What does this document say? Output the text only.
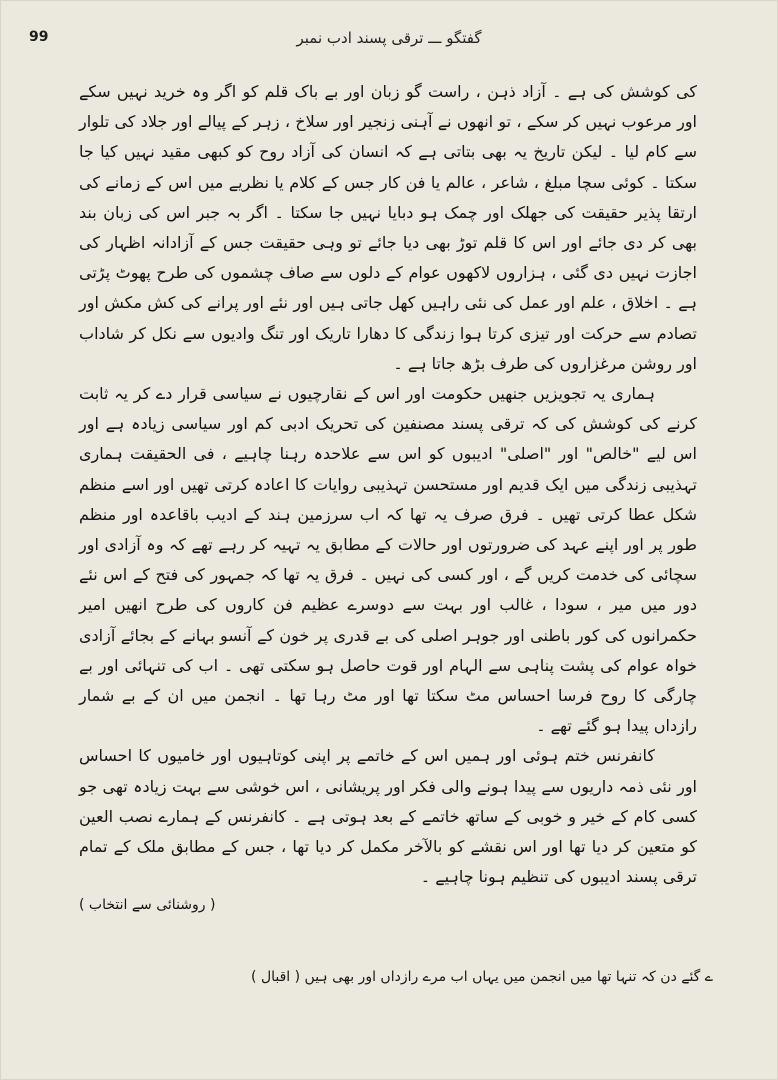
99	گفتگو ـــ ترقی پسند ادب نمبر

کی کوشش کی ہے ۔ آزاد ذہن ، راست گو زبان اور بے باک قلم کو اگر وہ خرید نہیں سکے اور مرعوب نہیں کر سکے ، تو انھوں نے آہنی زنجیر اور سلاخ ، زہر کے پیالے اور جلاد کی تلوار سے کام لیا ۔ لیکن تاریخ یہ بھی بتاتی ہے کہ انسان کی آزاد روح کو کبھی مقید نہیں کیا جا سکتا ۔ کوئی سچا مبلغ ، شاعر ، عالم یا فن کار جس کے کلام یا نظریے میں اس کے زمانے کی ارتقا پذیر حقیقت کی جھلک اور چمک ہو دبایا نہیں جا سکتا ۔ اگر بہ جبر اس کی زبان بند بھی کر دی جائے اور اس کا قلم توڑ بھی دیا جائے تو وہی حقیقت جس کے آزادانہ اظہار کی اجازت نہیں دی گئی ، ہزاروں لاکھوں عوام کے دلوں سے صاف چشموں کی طرح پھوٹ پڑتی ہے ۔ اخلاق ، علم اور عمل کی نئی راہیں کھل جاتی ہیں اور نئے اور پرانے کی کش مکش اور تصادم سے حرکت اور تیزی کرتا ہوا زندگی کا دھارا تاریک اور تنگ وادیوں سے نکل کر شاداب اور روشن مرغزاروں کی طرف بڑھ جاتا ہے ۔

ہماری یہ تجویزیں جنھیں حکومت اور اس کے نقارچیوں نے سیاسی قرار دے کر یہ ثابت کرنے کی کوشش کی کہ ترقی پسند مصنفین کی تحریک ادبی کم اور سیاسی زیادہ ہے اور اس لیے "خالص" اور "اصلی" ادیبوں کو اس سے علاحدہ رہنا چاہیے ، فی الحقیقت ہماری تہذیبی زندگی میں ایک قدیم اور مستحسن تہذیبی روایات کا اعادہ کرتی تھیں اور اسے منظم شکل عطا کرتی تھیں ۔ فرق صرف یہ تھا کہ اب سرزمین ہند کے ادیب باقاعدہ اور منظم طور پر اور اپنے عہد کی ضرورتوں اور حالات کے مطابق یہ تہیہ کر رہے تھے کہ وہ آزادی اور سچائی کی خدمت کریں گے ، اور کسی کی نہیں ۔ فرق یہ تھا کہ جمہور کی فتح کے اس نئے دور میں میر ، سودا ، غالب اور بہت سے دوسرے عظیم فن کاروں کی طرح انھیں امیر حکمرانوں کی کور باطنی اور جوہر اصلی کی بے قدری پر خون کے آنسو بہانے کے بجائے آزادی خواہ عوام کی پشت پناہی سے الہام اور قوت حاصل ہو سکتی تھی ۔ اب کی تنہائی اور بے چارگی کا روح فرسا احساس مٹ سکتا تھا اور مٹ رہا تھا ۔ انجمن میں ان کے بے شمار رازداں پیدا ہو گئے تھے ۔

کانفرنس ختم ہوئی اور ہمیں اس کے خاتمے پر اپنی کوتاہیوں اور خامیوں کا احساس اور نئی ذمہ داریوں سے پیدا ہونے والی فکر اور پریشانی ، اس خوشی سے بہت زیادہ تھی جو کسی کام کے خیر و خوبی کے ساتھ خاتمے کے بعد ہوتی ہے ۔ کانفرنس کے ہمارے نصب العین کو متعین کر دیا تھا اور اس نقشے کو بالآخر مکمل کر دیا تھا ، جس کے مطابق ملک کے تمام ترقی پسند ادیبوں کی تنظیم ہونا چاہیے ۔

( روشنائی سے انتخاب )
ے گئے دن کہ تنہا تھا میں انجمن میں یہاں اب مرے رازداں اور بھی ہیں ( اقبال )
